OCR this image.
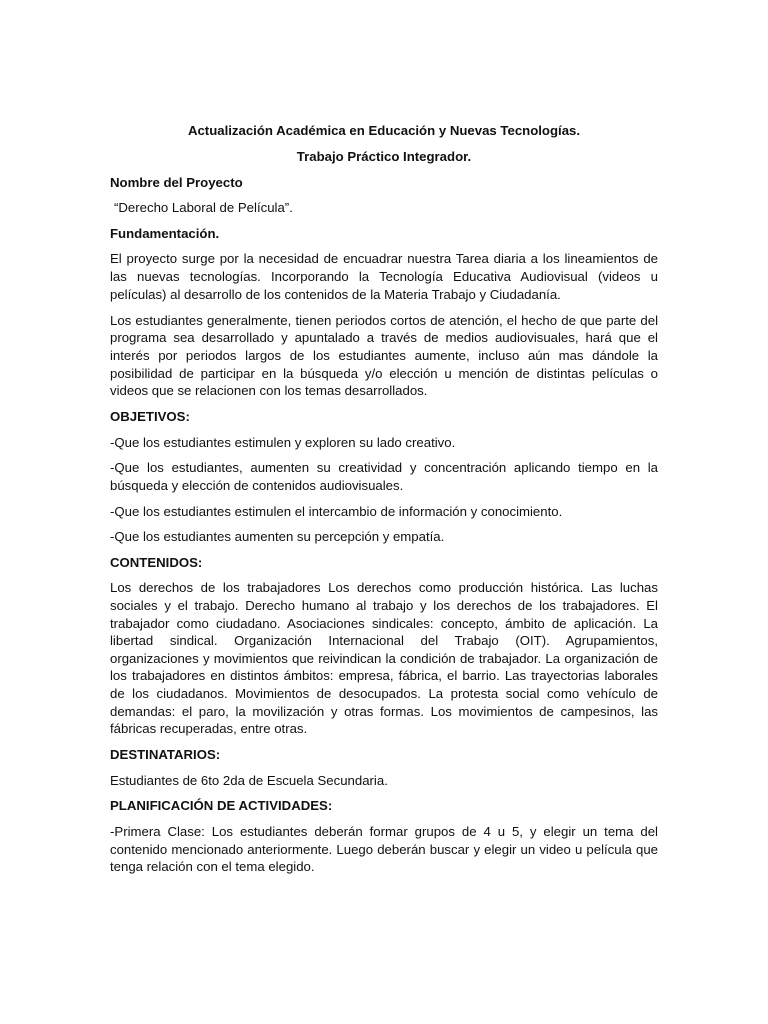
Actualización Académica en Educación y Nuevas Tecnologías.

Trabajo Práctico Integrador.

Nombre del Proyecto

“Derecho Laboral de Película”.

Fundamentación.

El proyecto surge por la necesidad de encuadrar nuestra Tarea diaria a los lineamientos de las nuevas tecnologías. Incorporando la Tecnología Educativa Audiovisual (videos u películas) al desarrollo de los contenidos de la Materia Trabajo y Ciudadanía.

Los estudiantes generalmente, tienen periodos cortos de atención, el hecho de que parte del programa sea desarrollado y apuntalado a través de medios audiovisuales, hará que el interés por periodos largos de los estudiantes aumente, incluso aún mas dándole la posibilidad de participar en la búsqueda y/o elección u mención de distintas películas o videos que se relacionen con los temas desarrollados.

OBJETIVOS:

-Que los estudiantes estimulen y exploren su lado creativo.

-Que los estudiantes, aumenten su creatividad y concentración aplicando tiempo en la búsqueda y elección de contenidos audiovisuales.

-Que los estudiantes estimulen el intercambio de información y conocimiento.

-Que los estudiantes aumenten su percepción y empatía.

CONTENIDOS:

Los derechos de los trabajadores Los derechos como producción histórica. Las luchas sociales y el trabajo. Derecho humano al trabajo y los derechos de los trabajadores. El trabajador como ciudadano. Asociaciones sindicales: concepto, ámbito de aplicación. La libertad sindical. Organización Internacional del Trabajo (OIT). Agrupamientos, organizaciones y movimientos que reivindican la condición de trabajador. La organización de los trabajadores en distintos ámbitos: empresa, fábrica, el barrio. Las trayectorias laborales de los ciudadanos. Movimientos de desocupados. La protesta social como vehículo de demandas: el paro, la movilización y otras formas. Los movimientos de campesinos, las fábricas recuperadas, entre otras.

DESTINATARIOS:

Estudiantes de 6to 2da de Escuela Secundaria.

PLANIFICACIÓN DE ACTIVIDADES:

-Primera Clase: Los estudiantes deberán formar grupos de 4 u 5, y elegir un tema del contenido mencionado anteriormente. Luego deberán buscar y elegir un video u película que tenga relación con el tema elegido.
